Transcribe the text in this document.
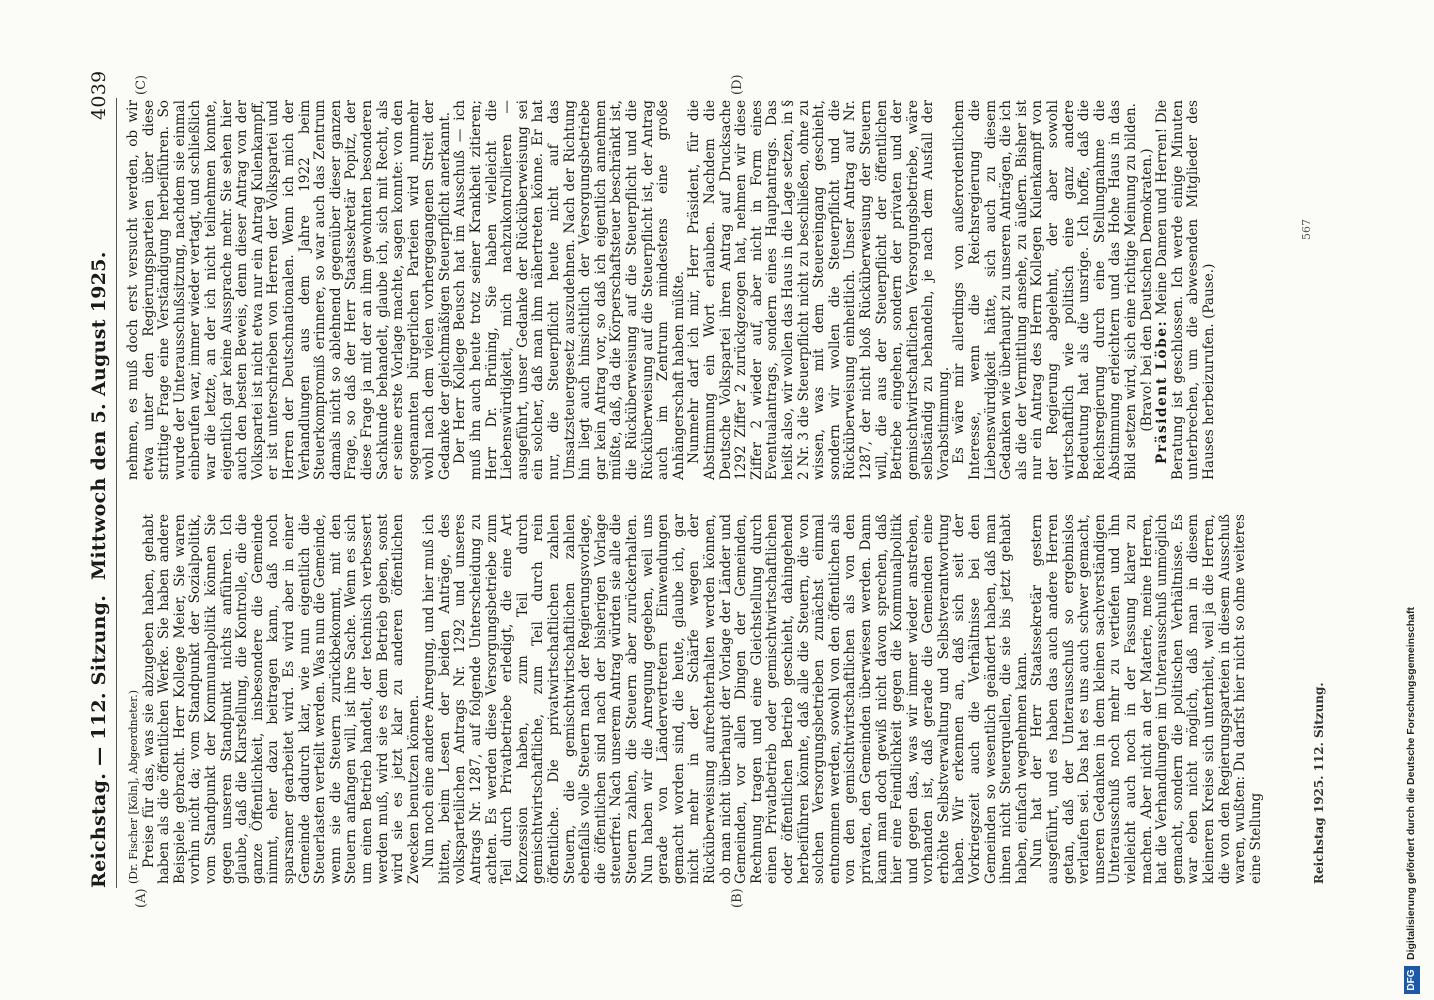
Reichstag. — 112. Sitzung.
Mittwoch den 5. August 1925.
4039
(A)	(B)
(C)	(D)

(Dr. Fischer [Köln], Abgeordneter.) Preise für das, was sie abzugeben haben, gehabt haben als die öffentlichen Werke. Sie haben andere Beispiele gebracht. Herr Kollege Meier, Sie waren vorhin nicht da; vom Standpunkt der Sozialpolitik, vom Standpunkt der Kommunalpolitik können Sie gegen unseren Standpunkt nichts anführen. Ich glaube, daß die Klarstellung, die Kontrolle, die die ganze Öffentlichkeit, insbesondere die Gemeinde nimmt, eher dazu beitragen kann, daß noch sparsamer gearbeitet wird. Es wird aber in einer Gemeinde dadurch klar, wie nun eigentlich die Steuerlasten verteilt werden. Was nun die Gemeinde, wenn sie die Steuern zurückbekommt, mit den Steuern anfangen will, ist ihre Sache. Wenn es sich um einen Betrieb handelt, der technisch verbessert werden muß, wird sie es dem Betrieb geben, sonst wird sie es jetzt klar zu anderen öffentlichen Zwecken benutzen können. Nun noch eine andere Anregung, und hier muß ich bitten, beim Lesen der beiden Anträge, des volksparteilichen Antrags Nr. 1292 und unseres Antrags Nr. 1287, auf folgende Unterscheidung zu achten. Es werden diese Versorgungsbetriebe zum Teil durch Privatbetriebe erledigt, die eine Art Konzession haben, zum Teil durch gemischtwirtschaftliche, zum Teil durch rein öffentliche. Die privatwirtschaftlichen zahlen Steuern, die gemischtwirtschaftlichen zahlen ebenfalls volle Steuern nach der Regierungsvorlage, die öffentlichen sind nach der bisherigen Vorlage steuerfrei. Nach unserem Antrag würden sie alle die Steuern zahlen, die Steuern aber zurückerhalten. Nun haben wir die Anregung gegeben, weil uns gerade von Ländervertretern Einwendungen gemacht worden sind, die heute, glaube ich, gar nicht mehr in der Schärfe wegen der Rücküberweisung aufrechterhalten werden können, ob man nicht überhaupt der Vorlage der Länder und Gemeinden, vor allen Dingen der Gemeinden, Rechnung tragen und eine Gleichstellung durch einen Privatbetrieb oder gemischtwirtschaftlichen oder öffentlichen Betrieb geschieht, dahingehend herbeiführen könnte, daß alle die Steuern, die von solchen Versorgungsbetrieben zunächst einmal entnommen werden, sowohl von den öffentlichen als von den gemischtwirtschaftlichen als von den privaten, den Gemeinden überwiesen werden. Dann kann man doch gewiß nicht davon sprechen, daß hier eine Feindlichkeit gegen die Kommunalpolitik und gegen das, was wir immer wieder anstreben, vorhanden ist, daß gerade die Gemeinden eine erhöhte Selbstverwaltung und Selbstverantwortung haben. Wir erkennen an, daß sich seit der Vorkriegszeit auch die Verhältnisse bei den Gemeinden so wesentlich geändert haben, daß man ihnen nicht Steuerquellen, die sie bis jetzt gehabt haben, einfach wegnehmen kann. Nun hat der Herr Staatssekretär gestern ausgeführt, und es haben das auch andere Herren getan, daß der Unterausschuß so ergebnislos verlaufen sei. Das hat es uns auch schwer gemacht, unseren Gedanken in dem kleinen sachverständigen Unterausschuß noch mehr zu vertiefen und ihn vielleicht auch noch in der Fassung klarer zu machen. Aber nicht an der Materie, meine Herren, hat die Verhandlungen im Unterausschuß unmöglich gemacht, sondern die politischen Verhältnisse. Es war eben nicht möglich, daß man in diesem kleineren Kreise sich unterhielt, weil ja die Herren, die von den Regierungsparteien in diesem Ausschuß waren, wußten: Du darfst hier nicht so ohne weiteres eine Stellung

nehmen, es muß doch erst versucht werden, ob wir etwa unter den Regierungsparteien über diese strittige Frage eine Verständigung herbeiführen. So wurde der Unterausschußsitzung, nachdem sie einmal einberufen war, immer wieder vertagt, und schließlich war die letzte, an der ich nicht teilnehmen konnte, eigentlich gar keine Aussprache mehr. Sie sehen hier auch den besten Beweis, denn dieser Antrag von der Volkspartei ist nicht etwa nur ein Antrag Kulenkampff, er ist unterschrieben von Herren der Volkspartei und Herren der Deutschnationalen. Wenn ich mich der Verhandlungen aus dem Jahre 1922 beim Steuerkompromiß erinnere, so war auch das Zentrum damals nicht so ablehnend gegenüber dieser ganzen Frage, so daß der Herr Staatssekretär Popitz, der diese Frage ja mit der an ihm gewohnten besonderen Sachkunde behandelt, glaube ich, sich mit Recht, als er seine erste Vorlage machte, sagen konnte: von den sogenannten bürgerlichen Parteien wird nunmehr wohl nach dem vielen vorhergegangenen Streit der Gedanke der gleichmäßigen Steuerpflicht anerkannt. Der Herr Kollege Beusch hat im Ausschuß — ich muß ihn auch heute trotz seiner Krankheit zitieren; Herr Dr. Brüning, Sie haben vielleicht die Liebenswürdigkeit, mich nachzukontrollieren — ausgeführt, unser Gedanke der Rücküberweisung sei ein solcher, daß man ihm nähertreten könne. Er hat nur, die Steuerpflicht heute nicht auf das Umsatzsteuergesetz auszudehnen. Nach der Richtung hin liegt auch hinsichtlich der Versorgungsbetriebe gar kein Antrag vor, so daß ich eigentlich annehmen müßte, daß, da die Körperschaftsteuer beschränkt ist, die Rücküberweisung auf die Steuerpflicht und die Rücküberweisung auf die Steuerpflicht ist, der Antrag auch im Zentrum mindestens eine große Anhängerschaft haben müßte. Nunmehr darf ich mir, Herr Präsident, für die Abstimmung ein Wort erlauben. Nachdem die Deutsche Volkspartei ihren Antrag auf Drucksache 1292 Ziffer 2 zurückgezogen hat, nehmen wir diese Ziffer 2 wieder auf, aber nicht in Form eines Eventualantrags, sondern eines Hauptantrags. Das heißt also, wir wollen das Haus in die Lage setzen, in § 2 Nr. 3 die Steuerpflicht nicht zu beschließen, ohne zu wissen, was mit dem Steuereingang geschieht, sondern wir wollen die Steuerpflicht und die Rücküberweisung einheitlich. Unser Antrag auf Nr. 1287, der nicht bloß Rücküberweisung der Steuern will, die aus der Steuerpflicht der öffentlichen Betriebe eingehen, sondern der privaten und der gemischtwirtschaftlichen Versorgungsbetriebe, wäre selbständig zu behandeln, je nach dem Ausfall der Vorabstimmung. Es wäre mir allerdings von außerordentlichem Interesse, wenn die Reichsregierung die Liebenswürdigkeit hätte, sich auch zu diesem Gedanken wie überhaupt zu unseren Anträgen, die ich als die der Vermittlung ansehe, zu äußern. Bisher ist nur ein Antrag des Herrn Kollegen Kulenkampff von der Regierung abgelehnt, der aber sowohl wirtschaftlich wie politisch eine ganz andere Bedeutung hat als die unsrige. Ich hoffe, daß die Reichsregierung durch eine Stellungnahme die Abstimmung erleichtern und das Hohe Haus in das Bild setzen wird, sich eine richtige Meinung zu bilden. (Bravo! bei den Deutschen Demokraten.) Präsident Löbe: Meine Damen und Herren! Die Beratung ist geschlossen. Ich werde einige Minuten unterbrechen, um die abwesenden Mitglieder des Hauses herbeizurufen. (Pause.)

Reichstag 1925. 112. Sitzung.
567
DFG
Digitalisierung gefördert durch die Deutsche Forschungsgemeinschaft
